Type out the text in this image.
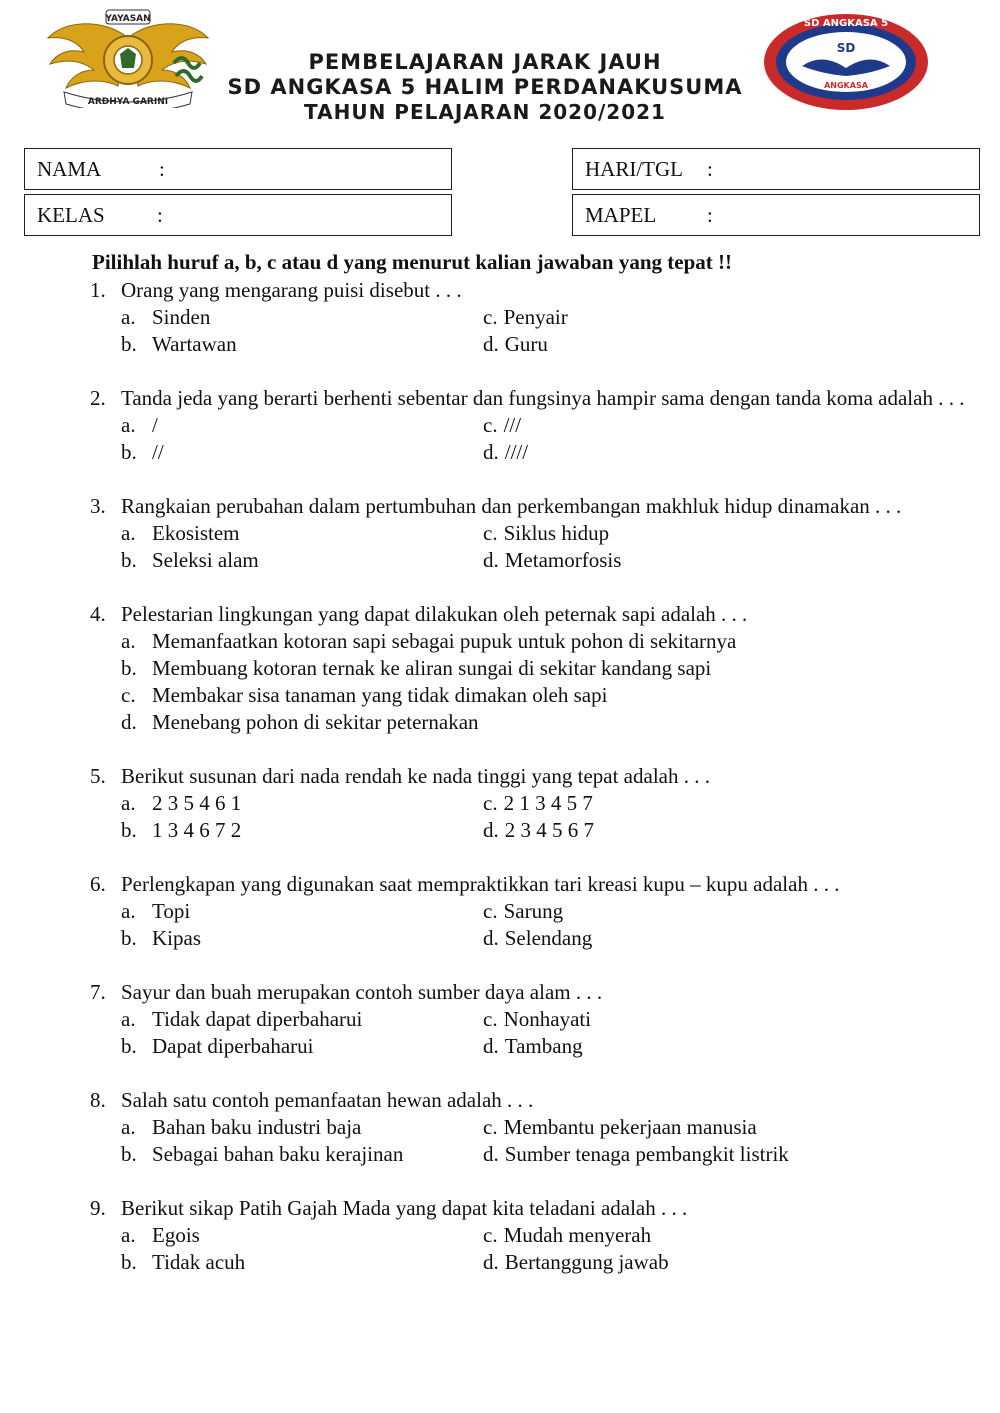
YAYASAN
ARDHYA GARINI
SD ANGKASA 5
SD
ANGKASA
PEMBELAJARAN JARAK JAUH
SD ANGKASA 5 HALIM PERDANAKUSUMA
TAHUN PELAJARAN 2020/2021
NAMA	:
KELAS :
HARI/TGL :
MAPEL :
Pilihlah huruf a, b, c atau d yang menurut kalian jawaban yang tepat !!
1. Orang yang mengarang puisi disebut . . .
a. Sinden	c. Penyair
b. Wartawan	d. Guru
2. Tanda jeda yang berarti berhenti sebentar dan fungsinya hampir sama dengan tanda koma adalah . . .
a. /	c. ///
b. //	d. ////
3. Rangkaian perubahan dalam pertumbuhan dan perkembangan makhluk hidup dinamakan . . .
a. Ekosistem	c. Siklus hidup
b. Seleksi alam	d. Metamorfosis
4. Pelestarian lingkungan yang dapat dilakukan oleh peternak sapi adalah . . .
a. Memanfaatkan kotoran sapi sebagai pupuk untuk pohon di sekitarnya
b. Membuang kotoran ternak ke aliran sungai di sekitar kandang sapi
c. Membakar sisa tanaman yang tidak dimakan oleh sapi
d. Menebang pohon di sekitar peternakan
5. Berikut susunan dari nada rendah ke nada tinggi yang tepat adalah . . .
a. 2 3 5 4 6 1	c. 2 1 3 4 5 7
b. 1 3 4 6 7 2	d. 2 3 4 5 6 7
6. Perlengkapan yang digunakan saat mempraktikkan tari kreasi kupu – kupu adalah . . .
a. Topi	c. Sarung
b. Kipas	d. Selendang
7. Sayur dan buah merupakan contoh sumber daya alam . . .
a. Tidak dapat diperbaharui	c. Nonhayati
b. Dapat diperbaharui	d. Tambang
8. Salah satu contoh pemanfaatan hewan adalah . . .
a. Bahan baku industri baja	c. Membantu pekerjaan manusia
b. Sebagai bahan baku kerajinan	d. Sumber tenaga pembangkit listrik
9. Berikut sikap Patih Gajah Mada yang dapat kita teladani adalah . . .
a. Egois	c. Mudah menyerah
b. Tidak acuh	d. Bertanggung jawab
